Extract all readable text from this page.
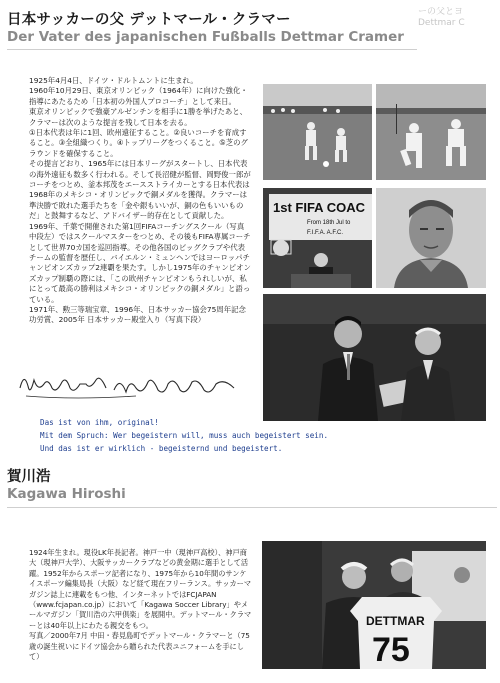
日本サッカーの父 デットマール・クラマー
Der Vater des japanischen Fußballs Dettmar Cramer
ーの父とヨ
Dettmar C

1925年4月4日、ドイツ・ドルトムントに生まれ。

1960年10月29日、東京オリンピック（1964年）に向けた強化・指導にあたるため「日本初の外国人プロコーチ」として来日。

東京オリンピックで強豪アルゼンチンを相手に1勝を挙げたあと、クラマーは次のような提言を残して日本を去る。

①日本代表は年に1回、欧州遠征すること。②良いコーチを育成すること。③全組織つくり。④トップリーグをつくること。⑤芝のグラウンドを確保すること。

その提言どおり、1965年には日本リーグがスタートし、日本代表の海外遠征も数多く行われる。そして長沼健が監督、岡野俊一郎がコーチをつとめ、釜本邦茂をエースストライカーとする日本代表は1968年のメキシコ・オリンピックで銅メダルを獲得。クラマーは準決勝で敗れた選手たちを「金や銀もいいが、銅の色もいいものだ」と鼓舞するなど、アドバイザー的存在として貢献した。

1969年、千葉で開催された第1回FIFAコーチングスクール（写真中段左）ではスクールマスターをつとめ、その後もFIFA専属コーチとして世界70カ国を巡回指導。その他各国のビッグクラブや代表チームの監督を歴任し、バイエルン・ミュンヘンではヨーロッパチャンピオンズカップ2連覇を果たす。しかし1975年のチャンピオンズカップ制覇の際には、「この欧州チャンピオンもうれしいが、私にとって最高の勝利はメキシコ・オリンピックの銅メダル」と語っている。

1971年、勲三等瑞宝章、1996年、日本サッカー協会75周年記念功労賞、2005年 日本サッカー殿堂入り（写真下段）

1st FIFA COAC
From 18th Jul to
F.I.F.A. A.F.C.
Das ist von ihm, original!
Mit dem Spruch: Wer begeistern will, muss auch begeistert sein.
Und das ist er wirklich - begeisternd und begeistert.
賀川浩
Kagawa Hiroshi

1924年生まれ。現役LK年長記者。神戸一中（現神戸高校）、神戸商大（現神戸大学）、大阪サッカークラブなどの黄金期に選手として活躍。1952年からスポーツ記者になり、1975年から10年間のサンケイスポーツ編集局長（大阪）など経て現在フリーランス。サッカーマガジン誌上に連載をもつ他、インターネットではFCJAPAN（www.fcjapan.co.jp）において「Kagawa Soccer Library」やメールマガジン「賀川浩の六甲倶楽」を展開中。デットマール・クラマーとは40年以上にわたる親交をもつ。

写真／2000年7月 中田・春見島町でデットマール・クラマーと（75歳の誕生祝いにドイツ協会から贈られた代表ユニフォームを手にして）

DETTMAR
75
